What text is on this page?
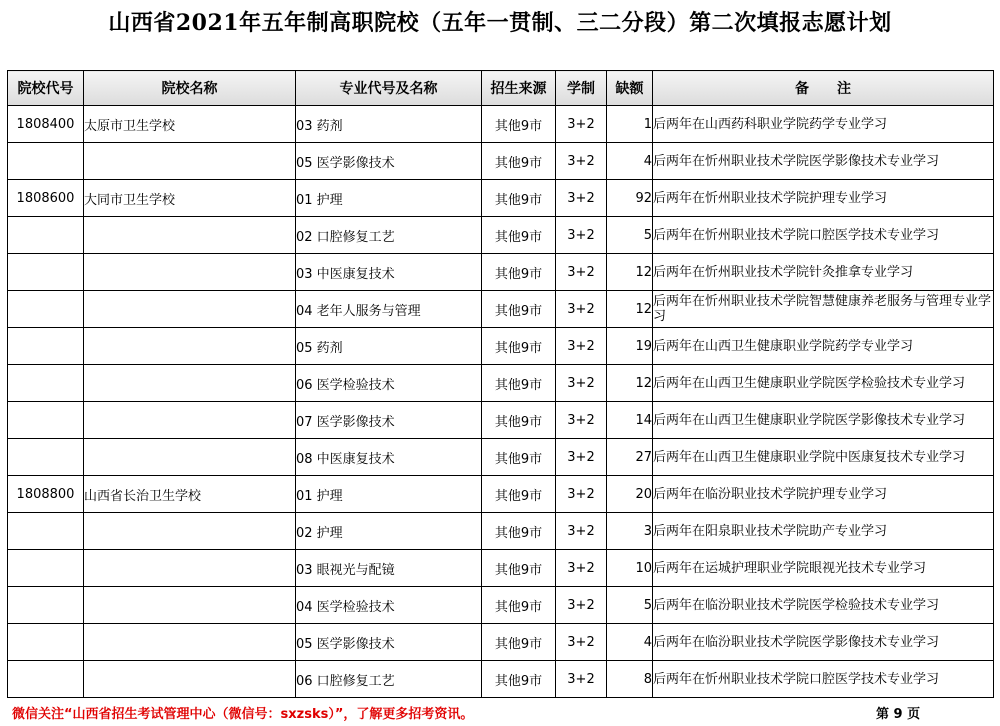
山西省2021年五年制高职院校（五年一贯制、三二分段）第二次填报志愿计划
院校代号	院校名称	专业代号及名称	招生来源	学制	缺额	备　　注
1808400	太原市卫生学校	03 药剂	其他9市	3+2	1	后两年在山西药科职业学院药学专业学习
		05 医学影像技术	其他9市	3+2	4	后两年在忻州职业技术学院医学影像技术专业学习
1808600	大同市卫生学校	01 护理	其他9市	3+2	92	后两年在忻州职业技术学院护理专业学习
		02 口腔修复工艺	其他9市	3+2	5	后两年在忻州职业技术学院口腔医学技术专业学习
		03 中医康复技术	其他9市	3+2	12	后两年在忻州职业技术学院针灸推拿专业学习
		04 老年人服务与管理	其他9市	3+2	12	后两年在忻州职业技术学院智慧健康养老服务与管理专业学习
		05 药剂	其他9市	3+2	19	后两年在山西卫生健康职业学院药学专业学习
		06 医学检验技术	其他9市	3+2	12	后两年在山西卫生健康职业学院医学检验技术专业学习
		07 医学影像技术	其他9市	3+2	14	后两年在山西卫生健康职业学院医学影像技术专业学习
		08 中医康复技术	其他9市	3+2	27	后两年在山西卫生健康职业学院中医康复技术专业学习
1808800	山西省长治卫生学校	01 护理	其他9市	3+2	20	后两年在临汾职业技术学院护理专业学习
		02 护理	其他9市	3+2	3	后两年在阳泉职业技术学院助产专业学习
		03 眼视光与配镜	其他9市	3+2	10	后两年在运城护理职业学院眼视光技术专业学习
		04 医学检验技术	其他9市	3+2	5	后两年在临汾职业技术学院医学检验技术专业学习
		05 医学影像技术	其他9市	3+2	4	后两年在临汾职业技术学院医学影像技术专业学习
		06 口腔修复工艺	其他9市	3+2	8	后两年在忻州职业技术学院口腔医学技术专业学习
微信关注“山西省招生考试管理中心（微信号：sxzsks）”，了解更多招考资讯。	第 9 页
